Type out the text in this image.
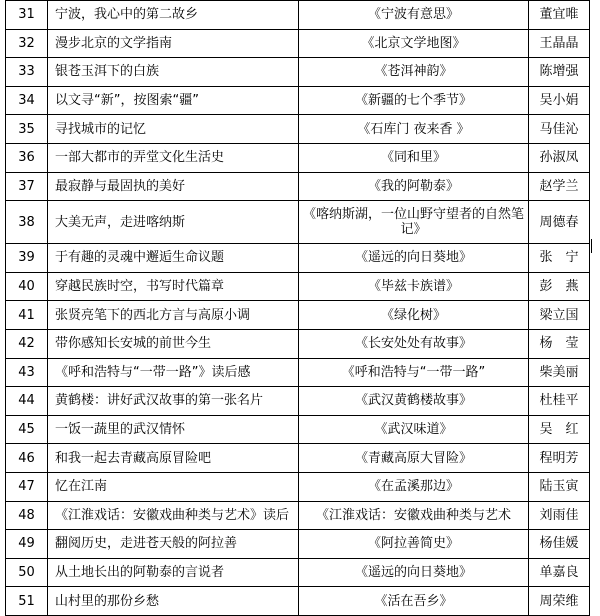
31	宁波，我心中的第二故乡	《宁波有意思》	董宜唯
32	漫步北京的文学指南	《北京文学地图》	王晶晶
33	银苍玉洱下的白族	《苍洱神韵》	陈增强
34	以文寻“新”，按图索“疆”	《新疆的七个季节》	吴小娟
35	寻找城市的记忆	《石库门 夜来香 》	马佳沁
36	一部大都市的弄堂文化生活史	《同和里》	孙淑凤
37	最寂静与最固执的美好	《我的阿勒泰》	赵学兰
38	大美无声，走进喀纳斯	《喀纳斯湖，一位山野守望者的自然笔记》	周德春
39	于有趣的灵魂中邂逅生命议题	《遥远的向日葵地》	张　宁
40	穿越民族时空，书写时代篇章	《毕兹卡族谱》	彭　燕
41	张贤亮笔下的西北方言与高原小调	《绿化树》	梁立国
42	带你感知长安城的前世今生	《长安处处有故事》	杨　莹
43	《呼和浩特与“一带一路”》读后感	《呼和浩特与“一带一路”	柴美丽
44	黄鹤楼：讲好武汉故事的第一张名片	《武汉黄鹤楼故事》	杜桂平
45	一饭一蔬里的武汉情怀	《武汉味道》	吴　红
46	和我一起去青藏高原冒险吧	《青藏高原大冒险》	程明芳
47	忆在江南	《在孟溪那边》	陆玉寅
48	《江淮戏话：安徽戏曲种类与艺术》读后	《江淮戏话：安徽戏曲种类与艺术	刘雨佳
49	翻阅历史，走进苍天般的阿拉善	《阿拉善简史》	杨佳媛
50	从土地长出的阿勒泰的言说者	《遥远的向日葵地》	单嘉良
51	山村里的那份乡愁	《活在吾乡》	周荣维
